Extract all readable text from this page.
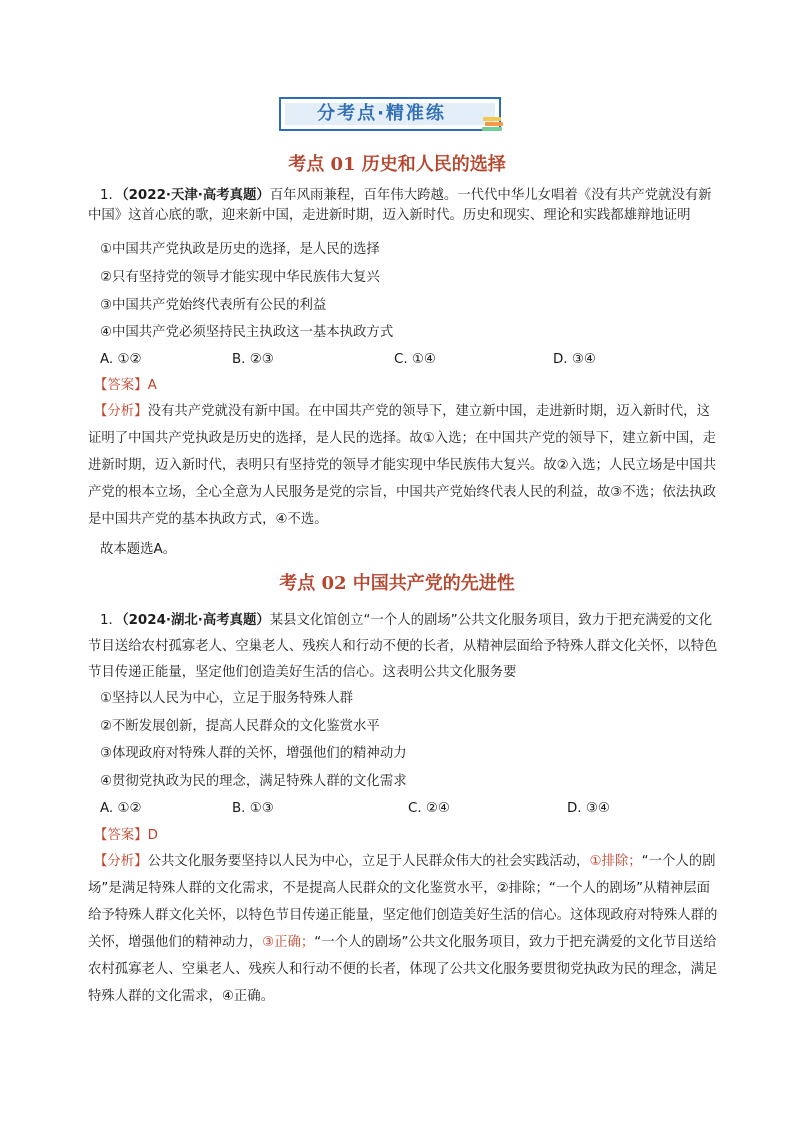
分考点·精准练
考点 01 历史和人民的选择
1．（2022·天津·高考真题）百年风雨兼程，百年伟大跨越。一代代中华儿女唱着《没有共产党就没有新中国》这首心底的歌，迎来新中国，走进新时期，迈入新时代。历史和现实、理论和实践都雄辩地证明
①中国共产党执政是历史的选择，是人民的选择
②只有坚持党的领导才能实现中华民族伟大复兴
③中国共产党始终代表所有公民的利益
④中国共产党必须坚持民主执政这一基本执政方式
A. ①②	B. ②③	C. ①④	D. ③④
【答案】A
【分析】没有共产党就没有新中国。在中国共产党的领导下，建立新中国，走进新时期，迈入新时代，这证明了中国共产党执政是历史的选择，是人民的选择。故①入选；在中国共产党的领导下，建立新中国，走进新时期，迈入新时代，表明只有坚持党的领导才能实现中华民族伟大复兴。故②入选；人民立场是中国共产党的根本立场，全心全意为人民服务是党的宗旨，中国共产党始终代表人民的利益，故③不选；依法执政是中国共产党的基本执政方式，④不选。
故本题选A。
考点 02 中国共产党的先进性
1．（2024·湖北·高考真题）某县文化馆创立“一个人的剧场”公共文化服务项目，致力于把充满爱的文化节目送给农村孤寡老人、空巢老人、残疾人和行动不便的长者，从精神层面给予特殊人群文化关怀，以特色节目传递正能量，坚定他们创造美好生活的信心。这表明公共文化服务要
①坚持以人民为中心，立足于服务特殊人群
②不断发展创新，提高人民群众的文化鉴赏水平
③体现政府对特殊人群的关怀，增强他们的精神动力
④贯彻党执政为民的理念，满足特殊人群的文化需求
A. ①②	B. ①③	C. ②④	D. ③④
【答案】D
【分析】公共文化服务要坚持以人民为中心，立足于人民群众伟大的社会实践活动，①排除；“一个人的剧场”是满足特殊人群的文化需求，不是提高人民群众的文化鉴赏水平，②排除；“一个人的剧场”从精神层面给予特殊人群文化关怀，以特色节目传递正能量，坚定他们创造美好生活的信心。这体现政府对特殊人群的关怀，增强他们的精神动力，③正确；“一个人的剧场”公共文化服务项目，致力于把充满爱的文化节目送给农村孤寡老人、空巢老人、残疾人和行动不便的长者，体现了公共文化服务要贯彻党执政为民的理念，满足特殊人群的文化需求，④正确。
